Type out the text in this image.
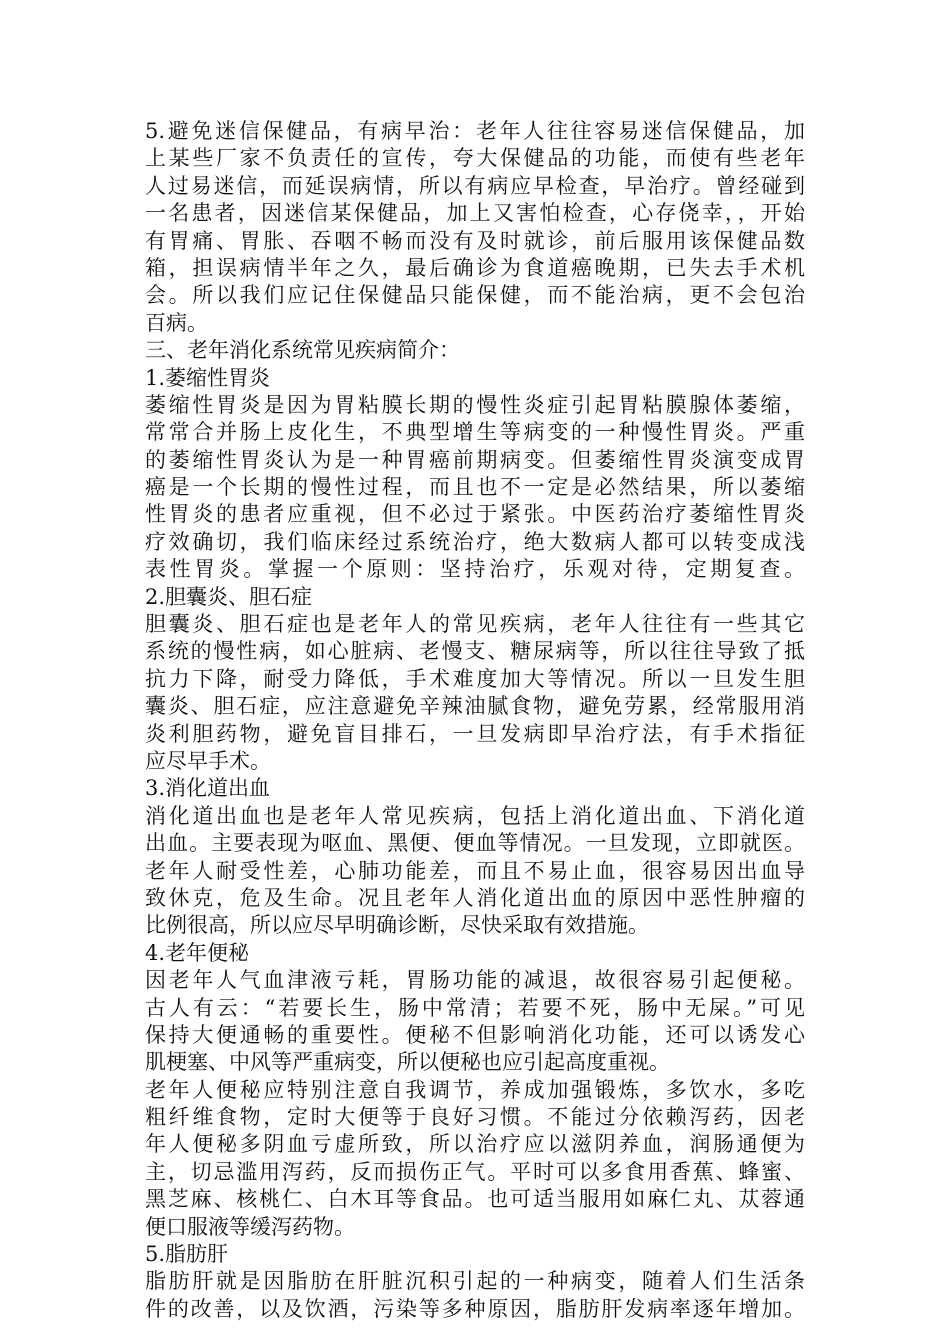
5.避免迷信保健品，有病早治：老年人往往容易迷信保健品，加
上某些厂家不负责任的宣传，夸大保健品的功能，而使有些老年
人过易迷信，而延误病情，所以有病应早检查，早治疗。曾经碰到
一名患者，因迷信某保健品，加上又害怕检查，心存侥幸，，开始
有胃痛、胃胀、吞咽不畅而没有及时就诊，前后服用该保健品数
箱，担误病情半年之久，最后确诊为食道癌晚期，已失去手术机
会。所以我们应记住保健品只能保健，而不能治病，更不会包治
百病。
三、老年消化系统常见疾病简介：
1.萎缩性胃炎
萎缩性胃炎是因为胃粘膜长期的慢性炎症引起胃粘膜腺体萎缩，
常常合并肠上皮化生，不典型增生等病变的一种慢性胃炎。严重
的萎缩性胃炎认为是一种胃癌前期病变。但萎缩性胃炎演变成胃
癌是一个长期的慢性过程，而且也不一定是必然结果，所以萎缩
性胃炎的患者应重视，但不必过于紧张。中医药治疗萎缩性胃炎
疗效确切，我们临床经过系统治疗，绝大数病人都可以转变成浅
表性胃炎。掌握一个原则：坚持治疗，乐观对待，定期复查。
2.胆囊炎、胆石症
胆囊炎、胆石症也是老年人的常见疾病，老年人往往有一些其它
系统的慢性病，如心脏病、老慢支、糖尿病等，所以往往导致了抵
抗力下降，耐受力降低，手术难度加大等情况。所以一旦发生胆
囊炎、胆石症，应注意避免辛辣油腻食物，避免劳累，经常服用消
炎利胆药物，避免盲目排石，一旦发病即早治疗法，有手术指征
应尽早手术。
3.消化道出血
消化道出血也是老年人常见疾病，包括上消化道出血、下消化道
出血。主要表现为呕血、黑便、便血等情况。一旦发现，立即就医。
老年人耐受性差，心肺功能差，而且不易止血，很容易因出血导
致休克，危及生命。况且老年人消化道出血的原因中恶性肿瘤的
比例很高，所以应尽早明确诊断，尽快采取有效措施。
4.老年便秘
因老年人气血津液亏耗，胃肠功能的减退，故很容易引起便秘。
古人有云：“若要长生，肠中常清；若要不死，肠中无屎。”可见
保持大便通畅的重要性。便秘不但影响消化功能，还可以诱发心
肌梗塞、中风等严重病变，所以便秘也应引起高度重视。
老年人便秘应特别注意自我调节，养成加强锻炼，多饮水，多吃
粗纤维食物，定时大便等于良好习惯。不能过分依赖泻药，因老
年人便秘多阴血亏虚所致，所以治疗应以滋阴养血，润肠通便为
主，切忌滥用泻药，反而损伤正气。平时可以多食用香蕉、蜂蜜、
黑芝麻、核桃仁、白木耳等食品。也可适当服用如麻仁丸、苁蓉通
便口服液等缓泻药物。
5.脂肪肝
脂肪肝就是因脂肪在肝脏沉积引起的一种病变，随着人们生活条
件的改善，以及饮酒，污染等多种原因，脂肪肝发病率逐年增加。
